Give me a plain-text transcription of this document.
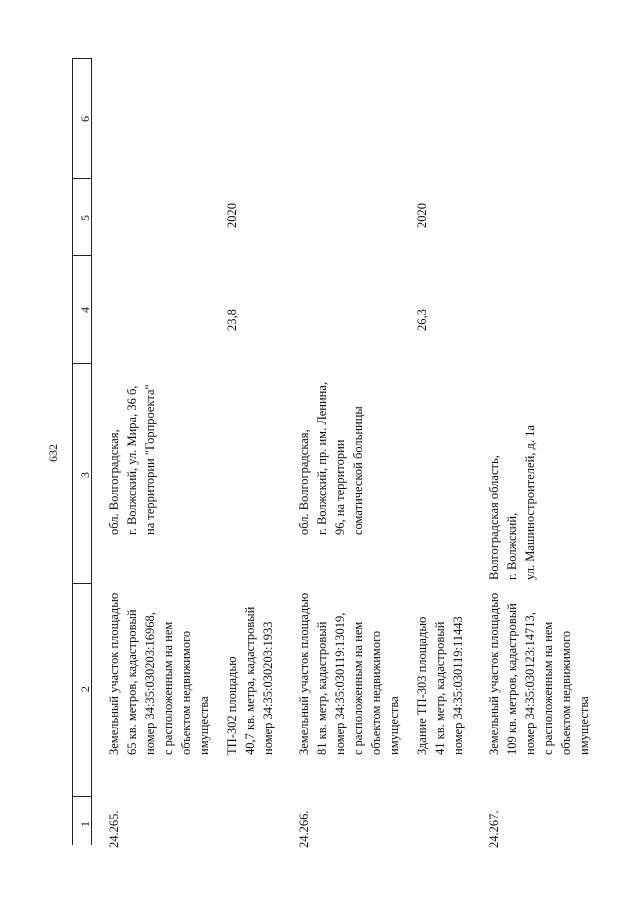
632
1
2
3
4
5
6
24.265.
Земельный участок площадью
65 кв. метров, кадастровый
номер 34:35:030203:16968,
с расположенным на нем
объектом недвижимого
имущества
обл. Волгоградская,
г. Волжский, ул. Мира, 36 б,
на территории "Горпроекта"
ТП-302 площадью
40,7 кв. метра, кадастровый
номер 34:35:030203:1933
23,8
2020
24.266.
Земельный участок площадью
81 кв. метр, кадастровый
номер 34:35:030119:13019,
с расположенным на нем
объектом недвижимого
имущества
обл. Волгоградская,
г. Волжский, пр. им. Ленина,
96, на территории
соматической больницы
Здание ТП-303 площадью
41 кв. метр, кадастровый
номер 34:35:030119:11443
26,3
2020
24.267.
Земельный участок площадью
109 кв. метров, кадастровый
номер 34:35:030123:14713,
с расположенным на нем
объектом недвижимого
имущества
Волгоградская область,
г. Волжский,
ул. Машиностроителей, д. 1а
